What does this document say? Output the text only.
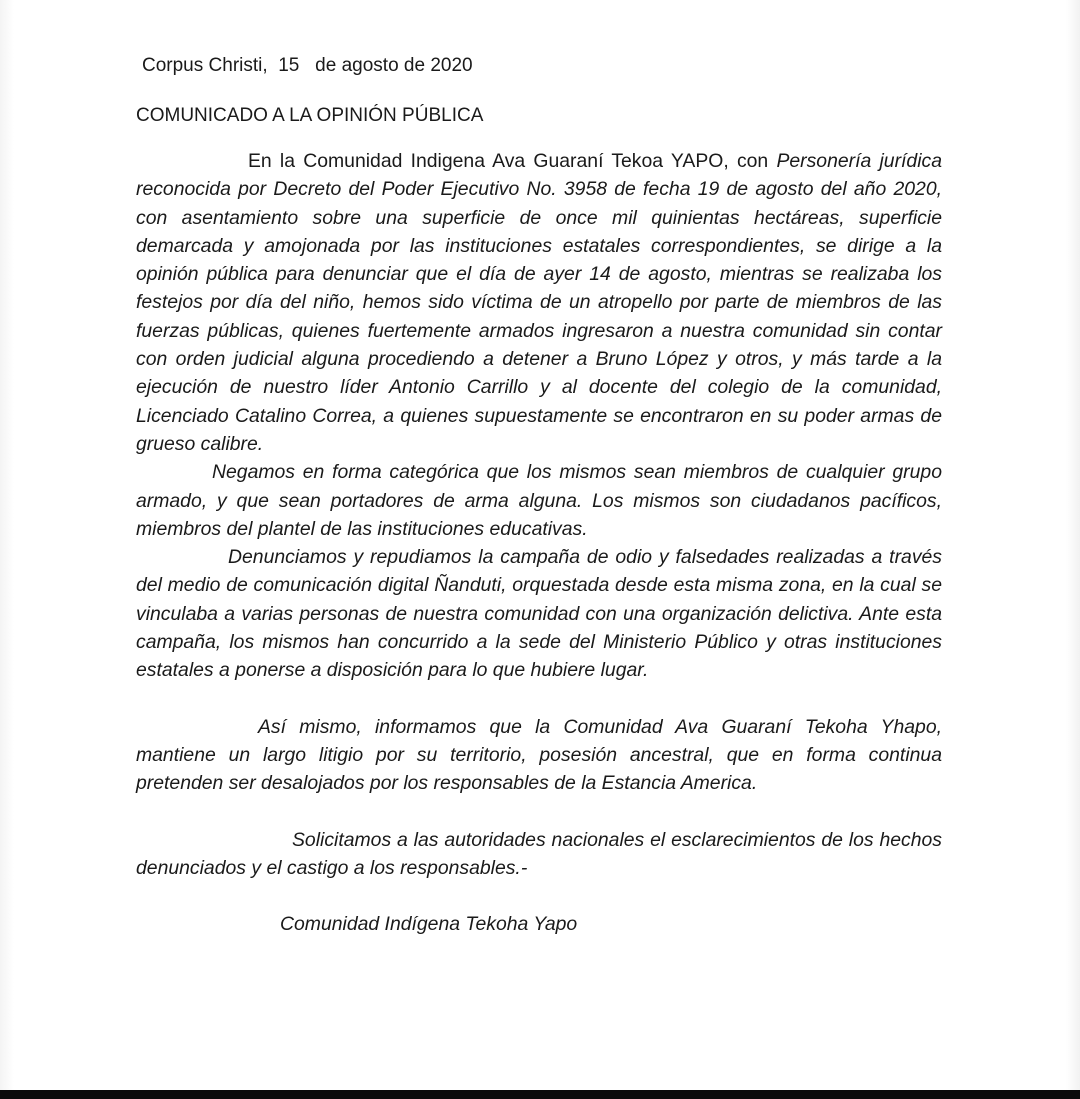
Corpus Christi,  15   de agosto de 2020

COMUNICADO A LA OPINIÓN PÚBLICA

En la Comunidad Indigena Ava Guaraní Tekoa YAPO, con Personería jurídica reconocida por Decreto del Poder Ejecutivo No. 3958 de fecha 19 de agosto del año 2020, con asentamiento sobre una superficie de once mil quinientas hectáreas, superficie demarcada y amojonada por las instituciones estatales correspondientes, se dirige a la opinión pública para denunciar que el día de ayer 14 de agosto, mientras se realizaba los festejos por día del niño, hemos sido víctima de un atropello por parte de miembros de las fuerzas públicas, quienes fuertemente armados ingresaron a nuestra comunidad sin contar con orden judicial alguna procediendo a detener a Bruno López y otros, y más tarde a la ejecución de nuestro líder Antonio Carrillo y al docente del colegio de la comunidad, Licenciado Catalino Correa, a quienes supuestamente se encontraron en su poder armas de grueso calibre.

Negamos en forma categórica que los mismos sean miembros de cualquier grupo armado, y que sean portadores de arma alguna. Los mismos son ciudadanos pacíficos, miembros del plantel de las instituciones educativas.

Denunciamos y repudiamos la campaña de odio y falsedades realizadas a través del medio de comunicación digital Ñanduti, orquestada desde esta misma zona, en la cual se vinculaba a varias personas de nuestra comunidad con una organización delictiva. Ante esta campaña, los mismos han concurrido a la sede del Ministerio Público y otras instituciones estatales a ponerse a disposición para lo que hubiere lugar.

Así mismo, informamos que la Comunidad Ava Guaraní Tekoha Yhapo, mantiene un largo litigio por su territorio, posesión ancestral, que en forma continua pretenden ser desalojados por los responsables de la Estancia America.

Solicitamos a las autoridades nacionales el esclarecimientos de los hechos denunciados y el castigo a los responsables.-

Comunidad Indígena Tekoha Yapo
